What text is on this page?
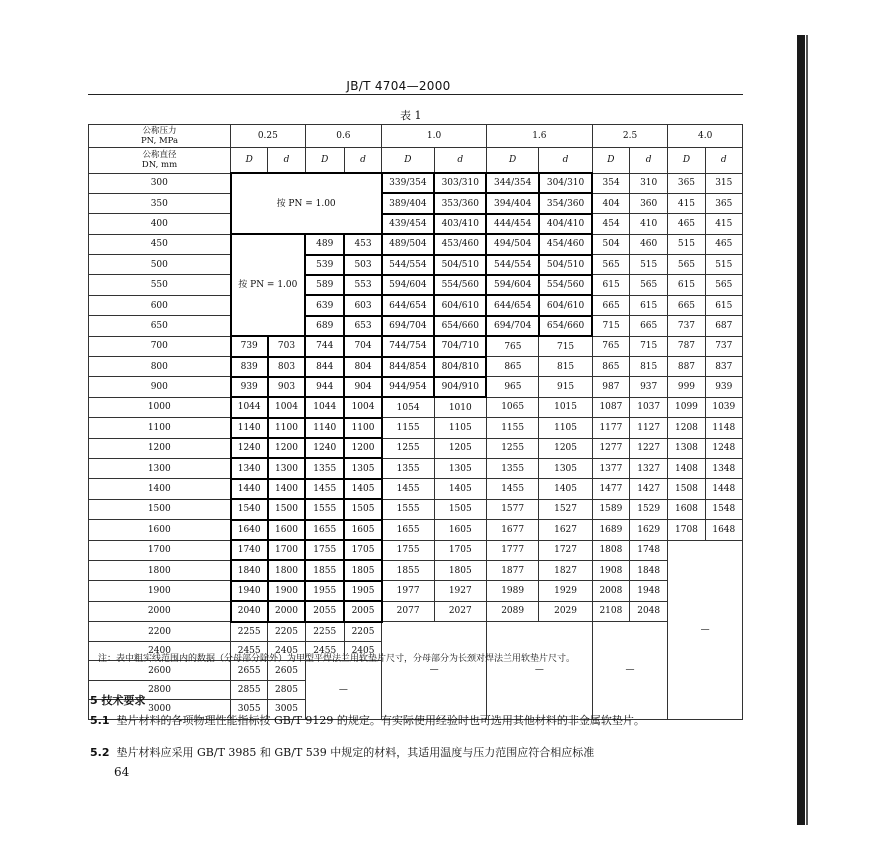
JB/T 4704—2000
表 1
公称压力
PN, MPa	0.25		0.6		1.0		1.6		2.5		4.0	

公称直径
DN, mm	D	d	D	d	D	d	D	d	D	d	D	d
300	按 PN = 1.00				339/354	303/310	344/354	304/310	354	310	365	315
350					389/404	353/360	394/404	354/360	404	360	415	365
400					439/454	403/410	444/454	404/410	454	410	465	415
450	按 PN = 1.00		489	453	489/504	453/460	494/504	454/460	504	460	515	465
500			539	503	544/554	504/510	544/554	504/510	565	515	565	515
550			589	553	594/604	554/560	594/604	554/560	615	565	615	565
600			639	603	644/654	604/610	644/654	604/610	665	615	665	615
650			689	653	694/704	654/660	694/704	654/660	715	665	737	687
700	739	703	744	704	744/754	704/710	765	715	765	715	787	737
800	839	803	844	804	844/854	804/810	865	815	865	815	887	837
900	939	903	944	904	944/954	904/910	965	915	987	937	999	939
1000	1044	1004	1044	1004	1054	1010	1065	1015	1087	1037	1099	1039
1100	1140	1100	1140	1100	1155	1105	1155	1105	1177	1127	1208	1148
1200	1240	1200	1240	1200	1255	1205	1255	1205	1277	1227	1308	1248
1300	1340	1300	1355	1305	1355	1305	1355	1305	1377	1327	1408	1348
1400	1440	1400	1455	1405	1455	1405	1455	1405	1477	1427	1508	1448
1500	1540	1500	1555	1505	1555	1505	1577	1527	1589	1529	1608	1548
1600	1640	1600	1655	1605	1655	1605	1677	1627	1689	1629	1708	1648
1700	1740	1700	1755	1705	1755	1705	1777	1727	1808	1748	—	
1800	1840	1800	1855	1805	1855	1805	1877	1827	1908	1848		
1900	1940	1900	1955	1905	1977	1927	1989	1929	2008	1948		
2000	2040	2000	2055	2005	2077	2027	2089	2029	2108	2048		
2200	2255	2205	2255	2205	—		—		—			
2400	2455	2405	2455	2405								
2600	2655	2605	—									
2800	2855	2805										
3000	3055	3005										
注：表中粗实线范围内的数据（分母部分除外）为甲型平焊法兰用软垫片尺寸，分母部分为长颈对焊法兰用软垫片尺寸。
5 技术要求
5.1 垫片材料的各项物理性能指标按 GB/T 9129 的规定。有实际使用经验时也可选用其他材料的非金属软垫片。
5.2 垫片材料应采用 GB/T 3985 和 GB/T 539 中规定的材料，其适用温度与压力范围应符合相应标准
64
